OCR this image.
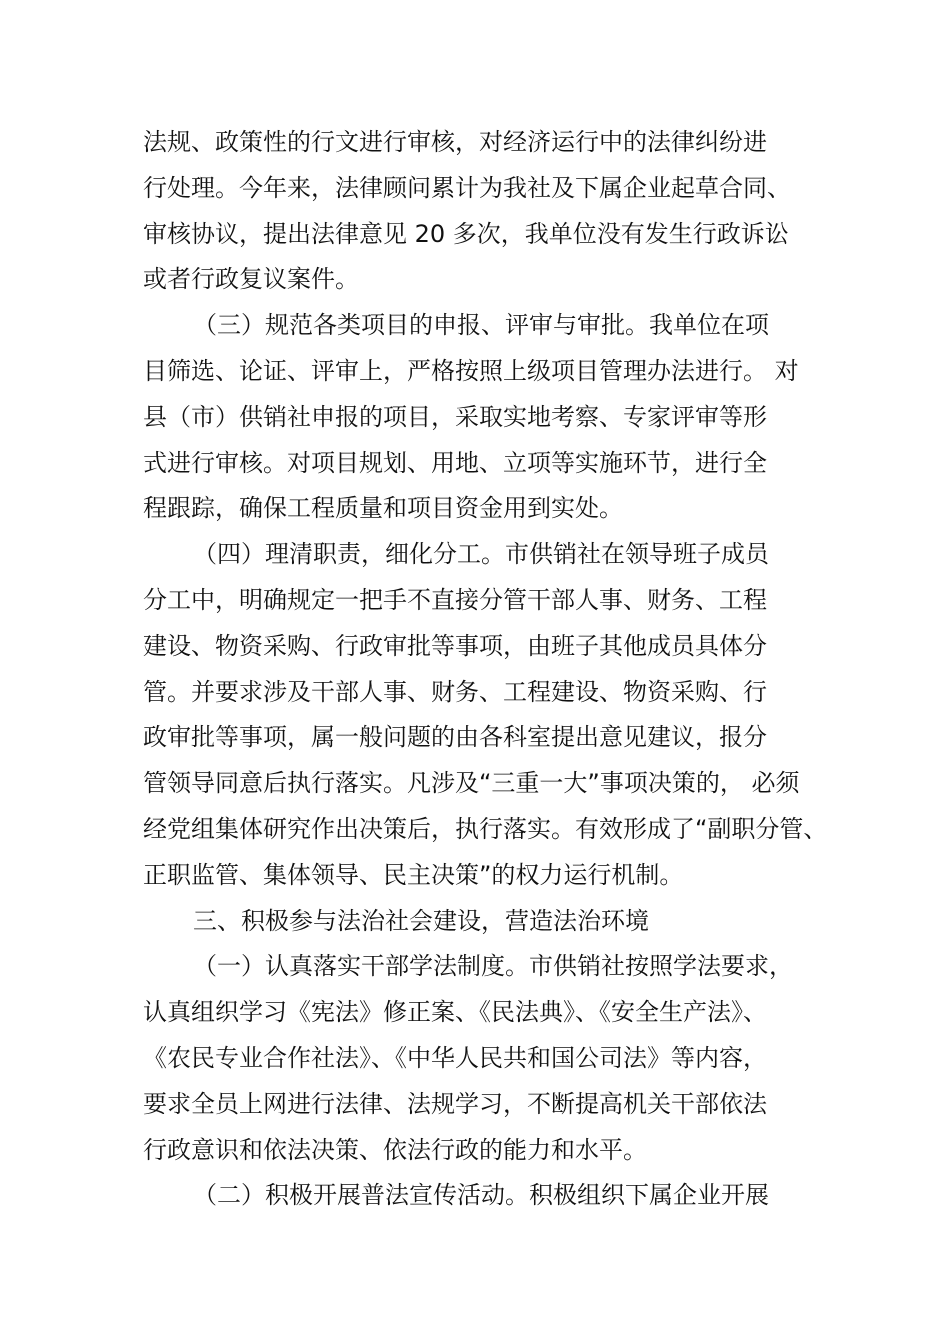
法规、政策性的行文进行审核，对经济运行中的法律纠纷进
行处理。今年来，法律顾问累计为我社及下属企业起草合同、
审核协议，提出法律意见 20 多次，我单位没有发生行政诉讼
或者行政复议案件。
（三）规范各类项目的申报、评审与审批。我单位在项
目筛选、论证、评审上，严格按照上级项目管理办法进行。 对
县（市）供销社申报的项目，采取实地考察、专家评审等形
式进行审核。对项目规划、用地、立项等实施环节，进行全
程跟踪，确保工程质量和项目资金用到实处。
（四）理清职责，细化分工。市供销社在领导班子成员
分工中，明确规定一把手不直接分管干部人事、财务、工程
建设、物资采购、行政审批等事项，由班子其他成员具体分
管。并要求涉及干部人事、财务、工程建设、物资采购、行
政审批等事项，属一般问题的由各科室提出意见建议，报分
管领导同意后执行落实。凡涉及“三重一大”事项决策的， 必须
经党组集体研究作出决策后，执行落实。有效形成了“副职分管、
正职监管、集体领导、民主决策”的权力运行机制。
三、积极参与法治社会建设，营造法治环境
（一）认真落实干部学法制度。市供销社按照学法要求，
认真组织学习《宪法》修正案、《民法典》、《安全生产法》、
《农民专业合作社法》、《中华人民共和国公司法》等内容，
要求全员上网进行法律、法规学习，不断提高机关干部依法
行政意识和依法决策、依法行政的能力和水平。
（二）积极开展普法宣传活动。积极组织下属企业开展
